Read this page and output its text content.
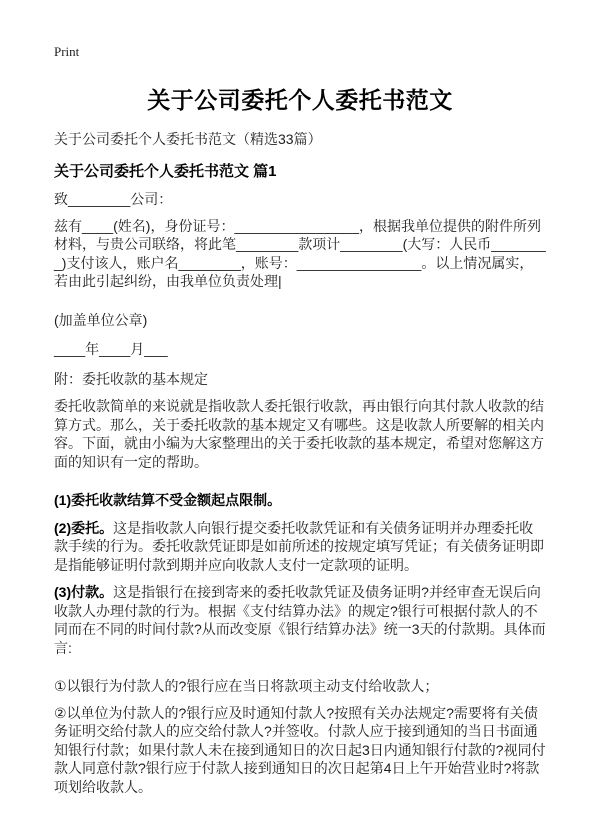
Print
关于公司委托个人委托书范文

关于公司委托个人委托书范文（精选33篇）

关于公司委托个人委托书范文 篇1

致________公司：

兹有____(姓名)，身份证号：________________，根据我单位提供的附件所列材料，与贵公司联络，将此笔________款项计________(大写：人民币________)支付该人，账户名________，账号：________________。以上情况属实，若由此引起纠纷，由我单位负责处理|

(加盖单位公章)

____年____月___

附：委托收款的基本规定

委托收款简单的来说就是指收款人委托银行收款，再由银行向其付款人收款的结算方式。那么，关于委托收款的基本规定又有哪些。这是收款人所要解的相关内容。下面，就由小编为大家整理出的关于委托收款的基本规定，希望对您解这方面的知识有一定的帮助。

(1)委托收款结算不受金额起点限制。

(2)委托。这是指收款人向银行提交委托收款凭证和有关债务证明并办理委托收款手续的行为。委托收款凭证即是如前所述的按规定填写凭证；有关债务证明即是指能够证明付款到期并应向收款人支付一定款项的证明。

(3)付款。这是指银行在接到寄来的委托收款凭证及债务证明?并经审查无误后向收款人办理付款的行为。根据《支付结算办法》的规定?银行可根据付款人的不同而在不同的时间付款?从而改变原《银行结算办法》统一3天的付款期。具体而言:

①以银行为付款人的?银行应在当日将款项主动支付给收款人；

②以单位为付款人的?银行应及时通知付款人?按照有关办法规定?需要将有关债务证明交给付款人的应交给付款人?并签收。付款人应于接到通知的当日书面通知银行付款；如果付款人未在接到通知日的次日起3日内通知银行付款的?视同付款人同意付款?银行应于付款人接到通知日的次日起第4日上午开始营业时?将款项划给收款人。
